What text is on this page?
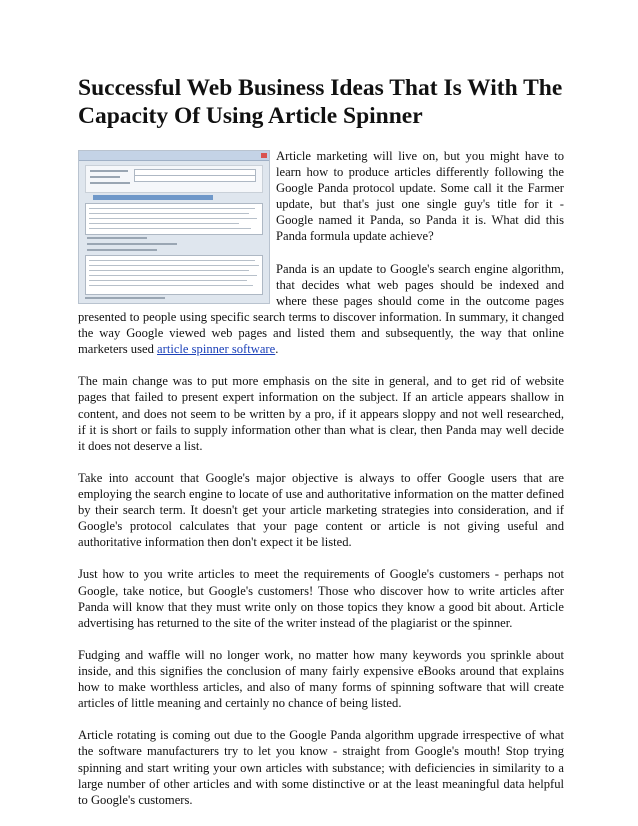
Successful Web Business Ideas That Is With The Capacity Of Using Article Spinner

Article marketing will live on, but you might have to learn how to produce articles differently following the Google Panda protocol update. Some call it the Farmer update, but that's just one single guy's title for it - Google named it Panda, so Panda it is. What did this Panda formula update achieve?

Panda is an update to Google's search engine algorithm, that decides what web pages should be indexed and where these pages should come in the outcome pages presented to people using specific search terms to discover information. In summary, it changed the way Google viewed web pages and listed them and subsequently, the way that online marketers used article spinner software.

The main change was to put more emphasis on the site in general, and to get rid of website pages that failed to present expert information on the subject. If an article appears shallow in content, and does not seem to be written by a pro, if it appears sloppy and not well researched, if it is short or fails to supply information other than what is clear, then Panda may well decide it does not deserve a list.

Take into account that Google's major objective is always to offer Google users that are employing the search engine to locate of use and authoritative information on the matter defined by their search term. It doesn't get your article marketing strategies into consideration, and if Google's protocol calculates that your page content or article is not giving useful and authoritative information then don't expect it be listed.

Just how to you write articles to meet the requirements of Google's customers - perhaps not Google, take notice, but Google's customers! Those who discover how to write articles after Panda will know that they must write only on those topics they know a good bit about. Article advertising has returned to the site of the writer instead of the plagiarist or the spinner.

Fudging and waffle will no longer work, no matter how many keywords you sprinkle about inside, and this signifies the conclusion of many fairly expensive eBooks around that explains how to make worthless articles, and also of many forms of spinning software that will create articles of little meaning and certainly no chance of being listed.

Article rotating is coming out due to the Google Panda algorithm upgrade irrespective of what the software manufacturers try to let you know - straight from Google's mouth! Stop trying spinning and start writing your own articles with substance; with deficiencies in similarity to a large number of other articles and with some distinctive or at the least meaningful data helpful to Google's customers.
